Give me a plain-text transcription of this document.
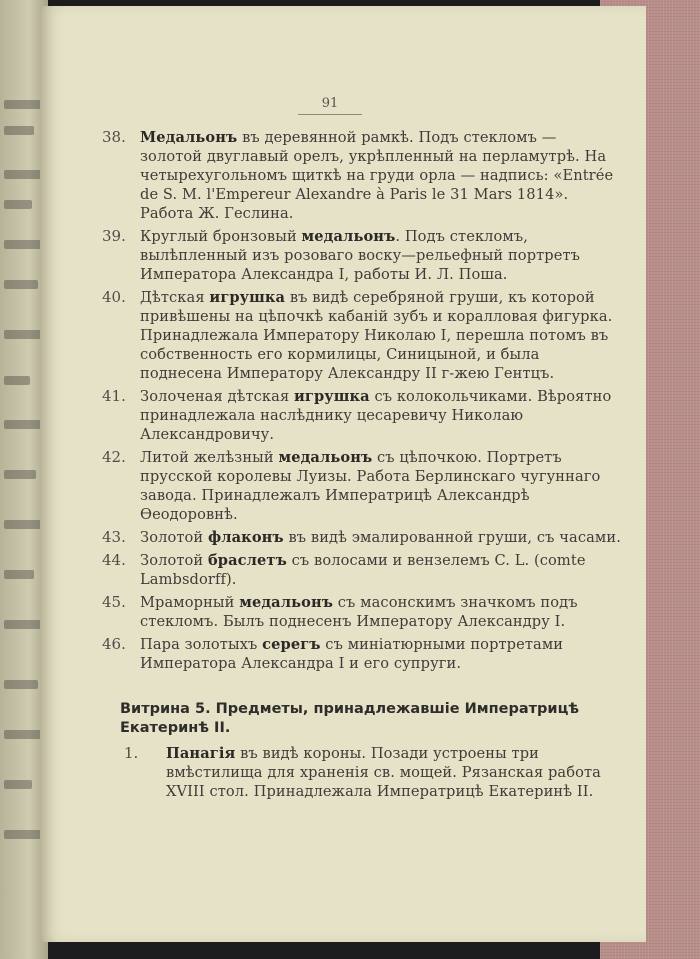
91
38. Медальонъ въ деревянной рамкѣ. Подъ стекломъ — золотой двуглавый орелъ, укрѣпленный на перламутрѣ. На четырехугольномъ щиткѣ на груди орла — надпись: «Entrée de S. M. l'Empereur Alexandre à Paris le 31 Mars 1814». Работа Ж. Геслина.
39. Круглый бронзовый медальонъ. Подъ стекломъ, вылѣпленный изъ розоваго воску—рельефный портретъ Императора Александра I, работы И. Л. Поша.
40. Дѣтская игрушка въ видѣ серебряной груши, къ которой привѣшены на цѣпочкѣ кабаній зубъ и коралловая фигурка. Принадлежала Императору Николаю I, перешла потомъ въ собственность его кормилицы, Синицыной, и была поднесена Императору Александру II г-жею Гентцъ.
41. Золоченая дѣтская игрушка съ колокольчиками. Вѣроятно принадлежала наслѣднику цесаревичу Николаю Александровичу.
42. Литой желѣзный медальонъ съ цѣпочкою. Портретъ прусской королевы Луизы. Работа Берлинскаго чугуннаго завода. Принадлежалъ Императрицѣ Александрѣ Ѳеодоровнѣ.
43. Золотой флаконъ въ видѣ эмалированной груши, съ часами.
44. Золотой браслетъ съ волосами и вензелемъ C. L. (comte Lambsdorff).
45. Мраморный медальонъ съ масонскимъ значкомъ подъ стекломъ. Былъ поднесенъ Императору Александру I.
46. Пара золотыхъ серегъ съ миніатюрными портретами Императора Александра I и его супруги.
Витрина 5. Предметы, принадлежавшіе Императрицѣ Екатеринѣ II.
1.	Панагія въ видѣ короны. Позади устроены три вмѣстилища для храненія св. мощей. Рязанская работа XVIII стол. Принадлежала Императрицѣ Екатеринѣ II.
